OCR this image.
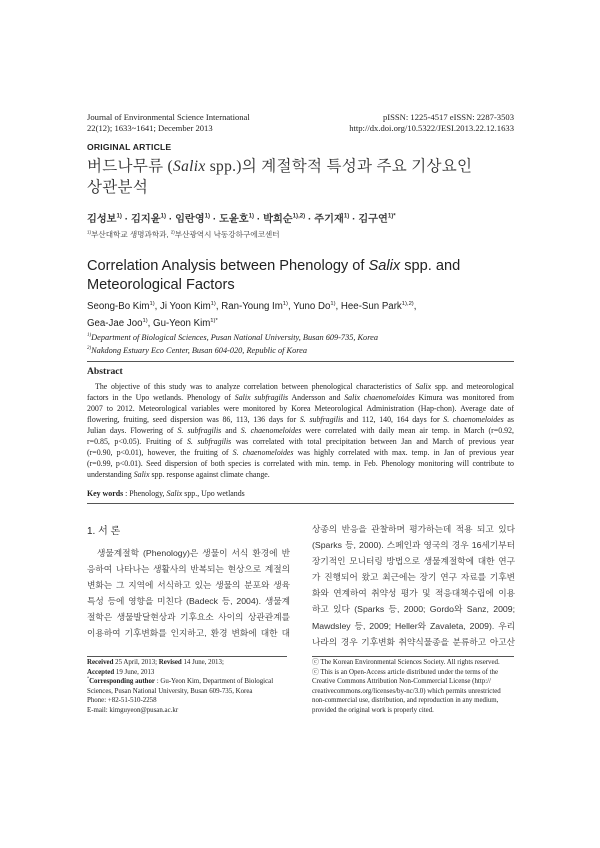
Journal of Environmental Science International
22(12); 1633~1641; December 2013
pISSN: 1225-4517 eISSN: 2287-3503
http://dx.doi.org/10.5322/JESI.2013.22.12.1633
ORIGINAL ARTICLE
버드나무류 (Salix spp.)의 계절학적 특성과 주요 기상요인
상관분석
김성보$^{1)}$ · 김지윤$^{1)}$ · 임란영$^{1)}$ · 도윤호$^{1)}$ · 박희순$^{1),2)}$ · 주기재$^{1)}$ · 김구연$^{1)*}$
$^{1)}$부산대학교 생명과학과, $^{2)}$부산광역시 낙동강하구에코센터
Correlation Analysis between Phenology of Salix spp. and
Meteorological Factors
Seong-Bo Kim$^{1)}$, Ji Yoon Kim$^{1)}$, Ran-Young Im$^{1)}$, Yuno Do$^{1)}$, Hee-Sun Park$^{1),2)}$,
Gea-Jae Joo$^{1)}$, Gu-Yeon Kim$^{1)*}$
$^{1)}$Department of Biological Sciences, Pusan National University, Busan 609-735, Korea
$^{2)}$Nakdong Estuary Eco Center, Busan 604-020, Republic of Korea
Abstract
The objective of this study was to analyze correlation between phenological characteristics of Salix spp. and meteorological
factors in the Upo wetlands. Phenology of Salix subfragilis Andersson and Salix chaenomeloides Kimura was monitored from
2007 to 2012. Meteorological variables were monitored by Korea Meteorological Administration (Hap-chon). Average date of
flowering, fruiting, seed dispersion was 86, 113, 136 days for S. subfragilis and 112, 140, 164 days for S. chaenomeloides as
Julian days. Flowering of S. subfragilis and S. chaenomeloides were correlated with daily mean air temp. in March (r=0.92,
r=0.85, p<0.05). Fruiting of S. subfragilis was correlated with total precipitation between Jan and March of previous year
(r=0.90, p<0.01), however, the fruiting of S. chaenomeloides was highly correlated with max. temp. in Jan of previous year
(r=0.99, p<0.01). Seed dispersion of both species is correlated with min. temp. in Feb. Phenology monitoring will contribute to
understanding Salix spp. response against climate change.
Key words : Phenology, Salix spp., Upo wetlands
1. 서 론
생물계절학 (Phenology)은 생물이 서식 환경에 반
응하여 나타나는 생활사의 반복되는 현상으로 계절의
변화는 그 지역에 서식하고 있는 생물의 분포와 생육
특성 등에 영향을 미친다 (Badeck 등, 2004). 생물계
절학은 생물발달현상과 기후요소 사이의 상관관계를
이용하여 기후변화를 인지하고, 환경 변화에 대한 대
상종의 반응을 관찰하며 평가하는데 적용 되고 있다
(Sparks 등, 2000). 스페인과 영국의 경우 16세기부터
장기적인 모니터링 방법으로 생물계절학에 대한 연구
가 진행되어 왔고 최근에는 장기 연구 자료를 기후변
화와 연계하여 취약성 평가 및 적응대책수립에 이용
하고 있다 (Sparks 등, 2000; Gordo와 Sanz, 2009;
Mawdsley 등, 2009; Heller와 Zavaleta, 2009). 우리
나라의 경우 기후변화 취약식물종을 분류하고 아고산
Received 25 April, 2013; Revised 14 June, 2013;
Accepted 19 June, 2013
*Corresponding author : Gu-Yeon Kim, Department of Biological
Sciences, Pusan National University, Busan 609-735, Korea
Phone: +82-51-510-2258
E-mail: kimguyeon@pusan.ac.kr
ⓒ The Korean Environmental Sciences Society. All rights reserved.
ⓒ This is an Open-Access article distributed under the terms of the
Creative Commons Attribution Non-Commercial License (http://
creativecommons.org/licenses/by-nc/3.0) which permits unrestricted
non-commercial use, distribution, and reproduction in any medium,
provided the original work is properly cited.
